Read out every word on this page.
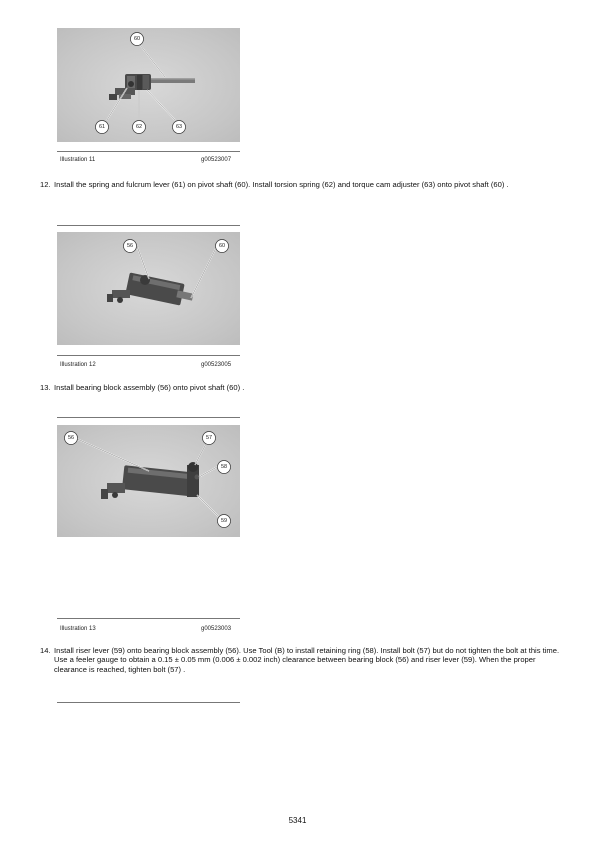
60
61	62	63
Illustration 11	g00523007
12. Install the spring and fulcrum lever (61) on pivot shaft (60). Install torsion spring (62) and torque cam adjuster (63) onto pivot shaft (60) .
56	60
Illustration 12	g00523005
13. Install bearing block assembly (56) onto pivot shaft (60) .
56	57
58
59
Illustration 13	g00523003
14. Install riser lever (59) onto bearing block assembly (56). Use Tool (B) to install retaining ring (58). Install bolt (57) but do not tighten the bolt at this time. Use a feeler gauge to obtain a 0.15 ± 0.05 mm (0.006 ± 0.002 inch) clearance between bearing block (56) and riser lever (59). When the proper clearance is reached, tighten bolt (57) .
5341
